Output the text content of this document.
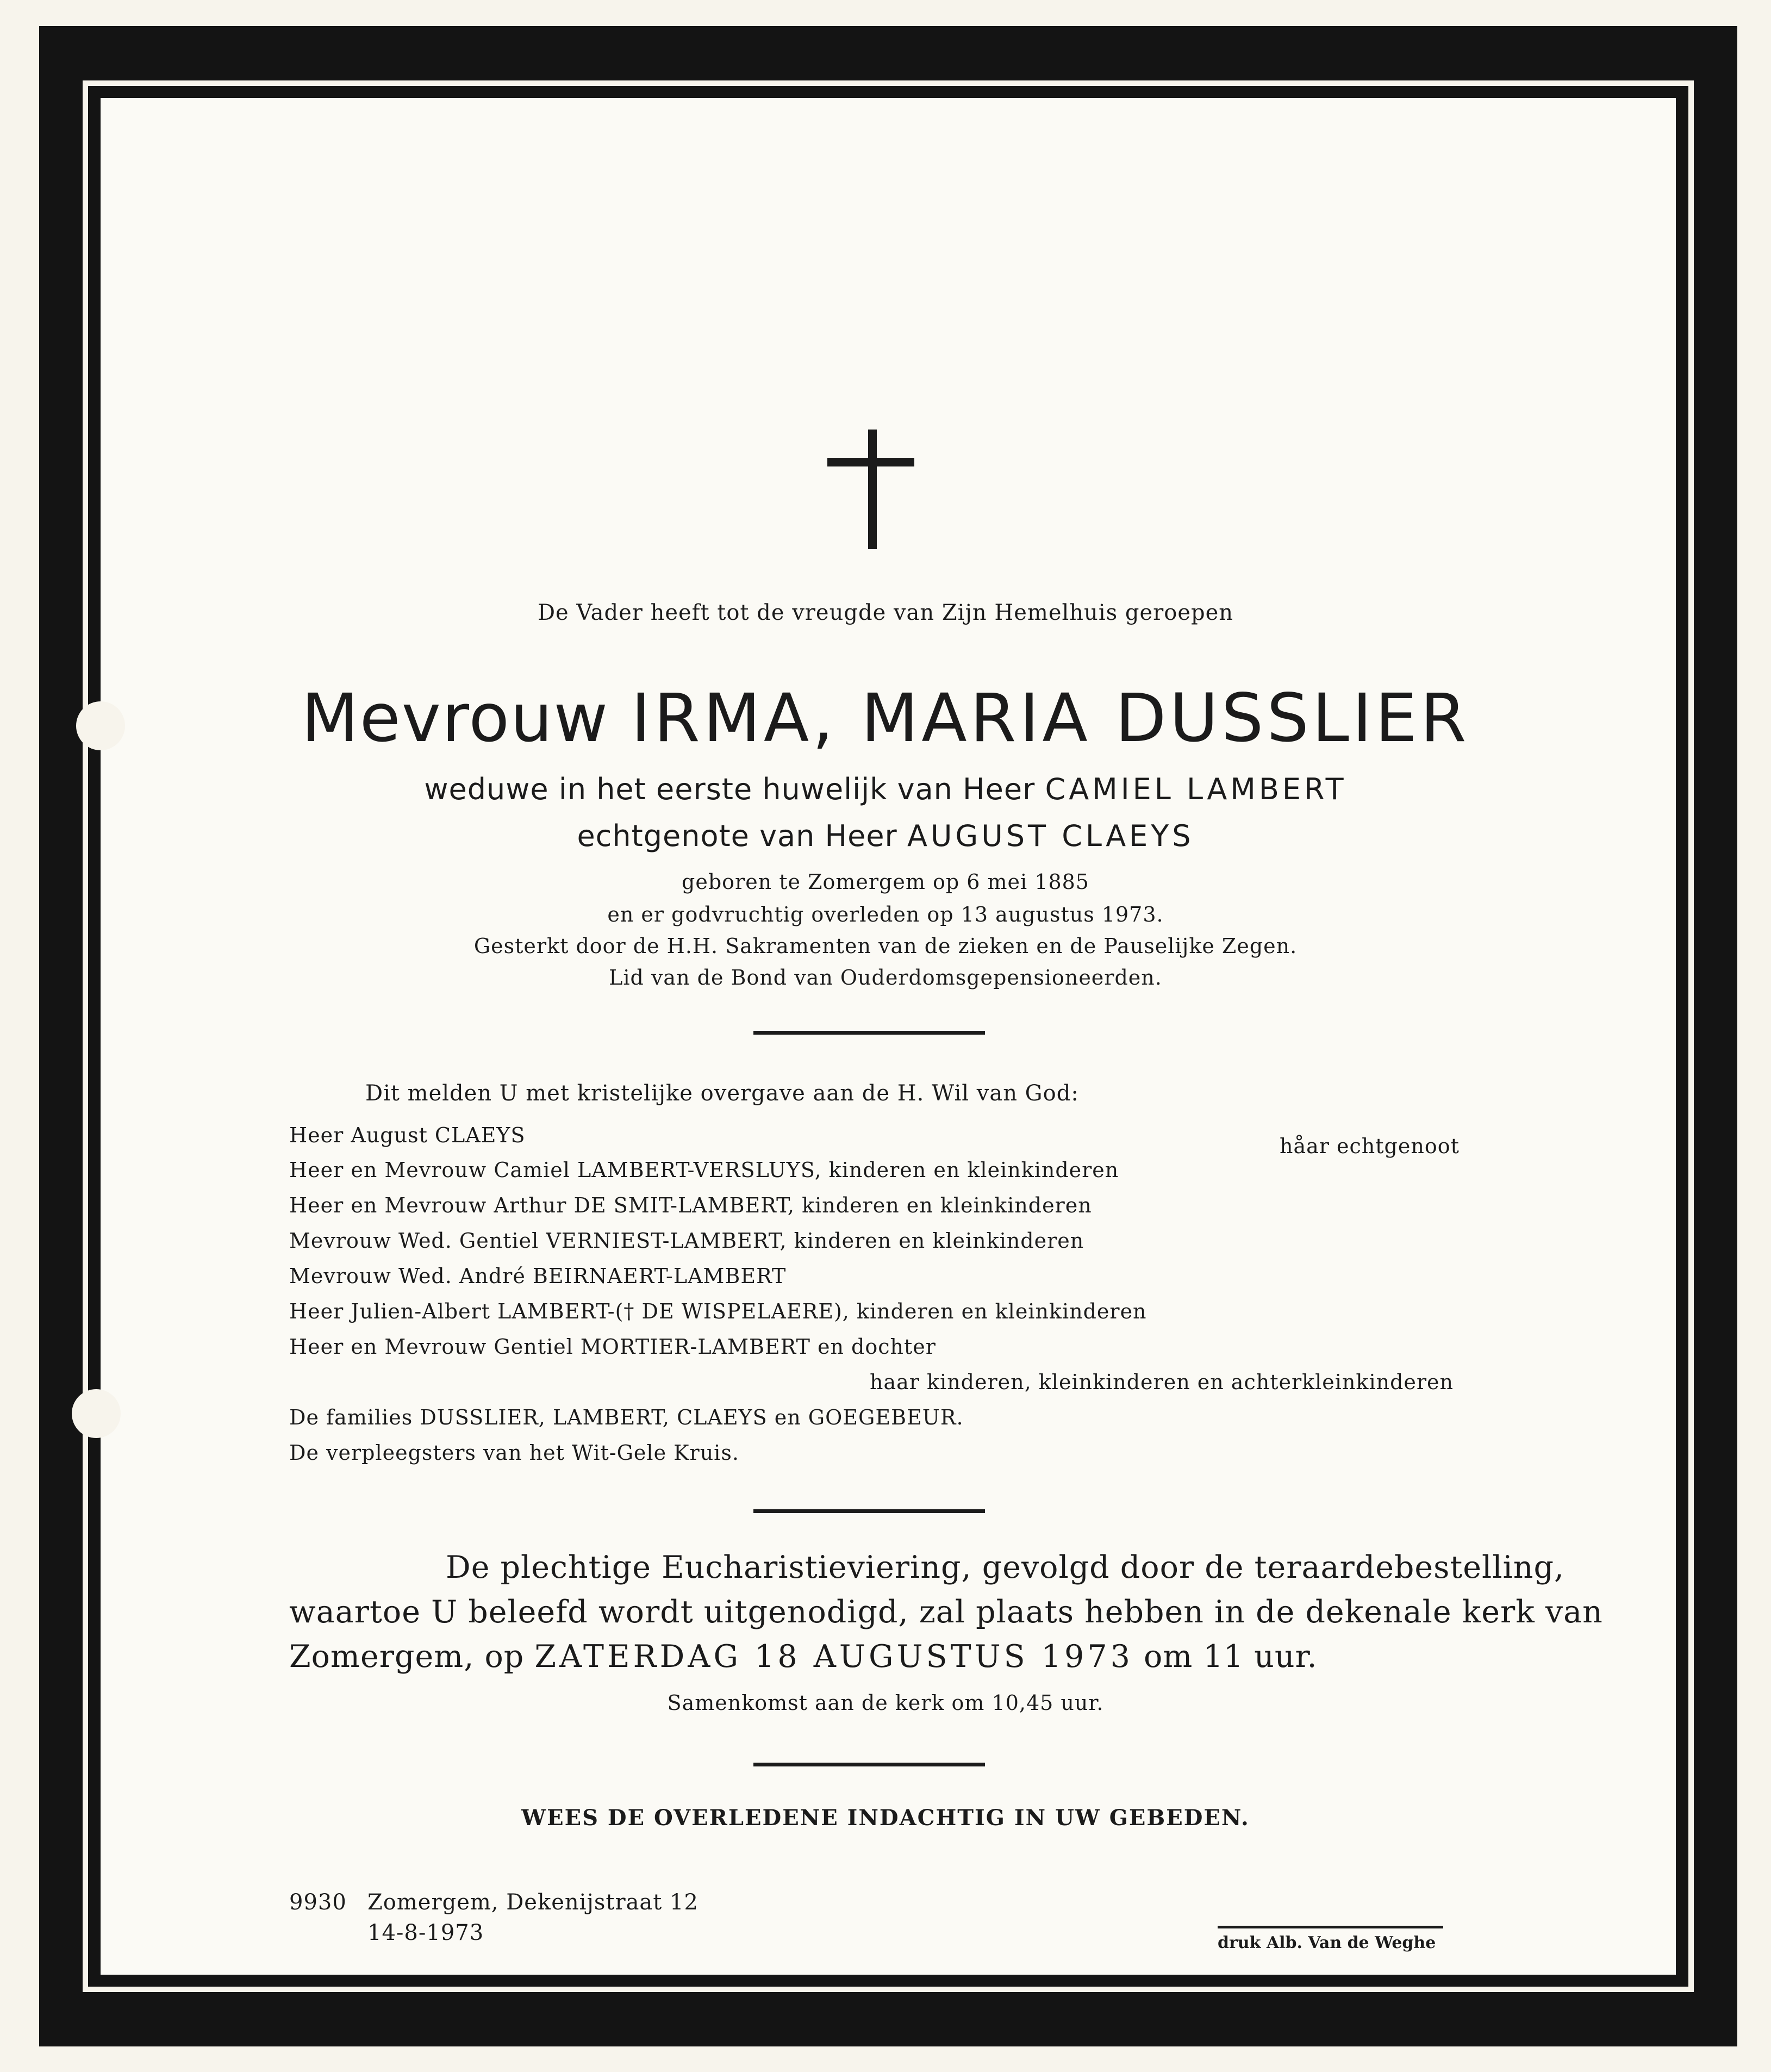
De Vader heeft tot de vreugde van Zijn Hemelhuis geroepen
Mevrouw IRMA, MARIA DUSSLIER
weduwe in het eerste huwelijk van Heer CAMIEL LAMBERT
echtgenote van Heer AUGUST CLAEYS
geboren te Zomergem op 6 mei 1885
en er godvruchtig overleden op 13 augustus 1973.
Gesterkt door de H.H. Sakramenten van de zieken en de Pauselijke Zegen.
Lid van de Bond van Ouderdomsgepensioneerden.
Dit melden U met kristelijke overgave aan de H. Wil van God:
Heer August CLAEYS	håar echtgenoot
Heer en Mevrouw Camiel LAMBERT-VERSLUYS, kinderen en kleinkinderen
Heer en Mevrouw Arthur DE SMIT-LAMBERT, kinderen en kleinkinderen
Mevrouw Wed. Gentiel VERNIEST-LAMBERT, kinderen en kleinkinderen
Mevrouw Wed. André BEIRNAERT-LAMBERT
Heer Julien-Albert LAMBERT-(† DE WISPELAERE), kinderen en kleinkinderen
Heer en Mevrouw Gentiel MORTIER-LAMBERT en dochter
haar kinderen, kleinkinderen en achterkleinkinderen
De families DUSSLIER, LAMBERT, CLAEYS en GOEGEBEUR.
De verpleegsters van het Wit-Gele Kruis.
De plechtige Eucharistieviering, gevolgd door de teraardebestelling,
waartoe U beleefd wordt uitgenodigd, zal plaats hebben in de dekenale kerk van
Zomergem, op ZATERDAG 18 AUGUSTUS 1973 om 11 uur.
Samenkomst aan de kerk om 10,45 uur.
WEES DE OVERLEDENE INDACHTIG IN UW GEBEDEN.
9930 Zomergem, Dekenijstraat 12
14-8-1973	druk Alb. Van de Weghe
